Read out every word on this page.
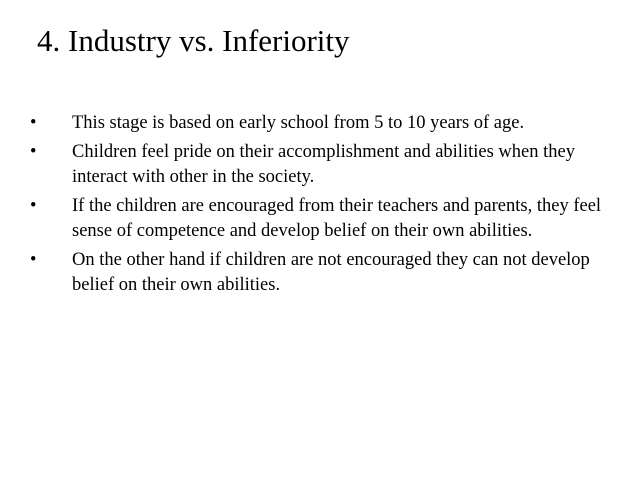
4. Industry vs. Inferiority
•	This stage is based on early school from 5 to 10 years of age.
•	Children feel pride on their accomplishment and abilities when they interact with other in the society.
•	If the children are encouraged from their teachers and parents, they feel sense of competence and develop belief on their own abilities.
•	On the other hand if children are not encouraged they can not develop belief on their own abilities.
